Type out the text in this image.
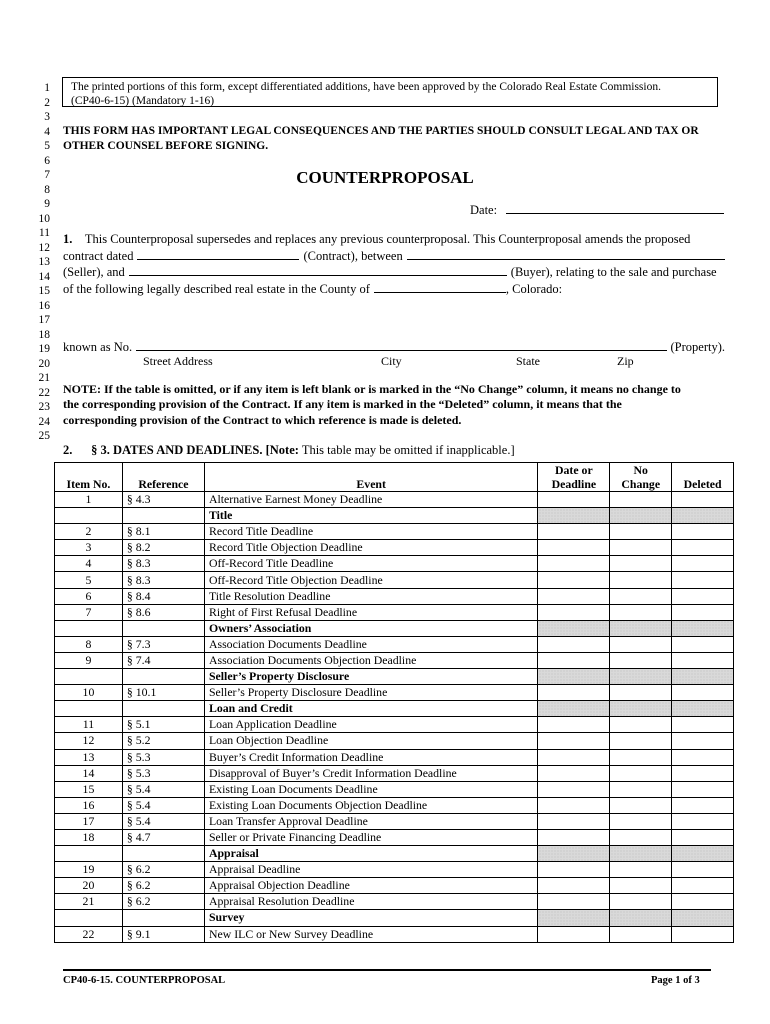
1
2
3
4
5
6
7
8
9
10
11
12
13
14
15
16
17
18
19
20
21
22
23
24
25
The printed portions of this form, except differentiated additions, have been approved by the Colorado Real Estate Commission.
(CP40-6-15) (Mandatory 1-16)
THIS FORM HAS IMPORTANT LEGAL CONSEQUENCES AND THE PARTIES SHOULD CONSULT LEGAL AND TAX OR
OTHER COUNSEL BEFORE SIGNING.
COUNTERPROPOSAL
Date:
1. This Counterproposal supersedes and replaces any previous counterproposal. This Counterproposal amends the proposed
contract dated	(Contract), between
(Seller), and	(Buyer), relating to the sale and purchase
of the following legally described real estate in the County of	, Colorado:
known as No.	(Property).
Street Address	City	State	Zip
NOTE: If the table is omitted, or if any item is left blank or is marked in the “No Change” column, it means no change to
the corresponding provision of the Contract. If any item is marked in the “Deleted” column, it means that the
corresponding provision of the Contract to which reference is made is deleted.
2. § 3. DATES AND DEADLINES. [Note: This table may be omitted if inapplicable.]
Item No.	Reference	Event	Date or
Deadline	No
Change	Deleted
1	§ 4.3	Alternative Earnest Money Deadline			
		Title			
2	§ 8.1	Record Title Deadline			
3	§ 8.2	Record Title Objection Deadline			
4	§ 8.3	Off-Record Title Deadline			
5	§ 8.3	Off-Record Title Objection Deadline			
6	§ 8.4	Title Resolution Deadline			
7	§ 8.6	Right of First Refusal Deadline			
		Owners’ Association			
8	§ 7.3	Association Documents Deadline			
9	§ 7.4	Association Documents Objection Deadline			
		Seller’s Property Disclosure			
10	§ 10.1	Seller’s Property Disclosure Deadline			
		Loan and Credit			
11	§ 5.1	Loan Application Deadline			
12	§ 5.2	Loan Objection Deadline			
13	§ 5.3	Buyer’s Credit Information Deadline			
14	§ 5.3	Disapproval of Buyer’s Credit Information Deadline			
15	§ 5.4	Existing Loan Documents Deadline			
16	§ 5.4	Existing Loan Documents Objection Deadline			
17	§ 5.4	Loan Transfer Approval Deadline			
18	§ 4.7	Seller or Private Financing Deadline			
		Appraisal			
19	§ 6.2	Appraisal Deadline			
20	§ 6.2	Appraisal Objection Deadline			
21	§ 6.2	Appraisal Resolution Deadline			
		Survey			
22	§ 9.1	New ILC or New Survey Deadline			
CP40-6-15. COUNTERPROPOSAL	Page 1 of 3
